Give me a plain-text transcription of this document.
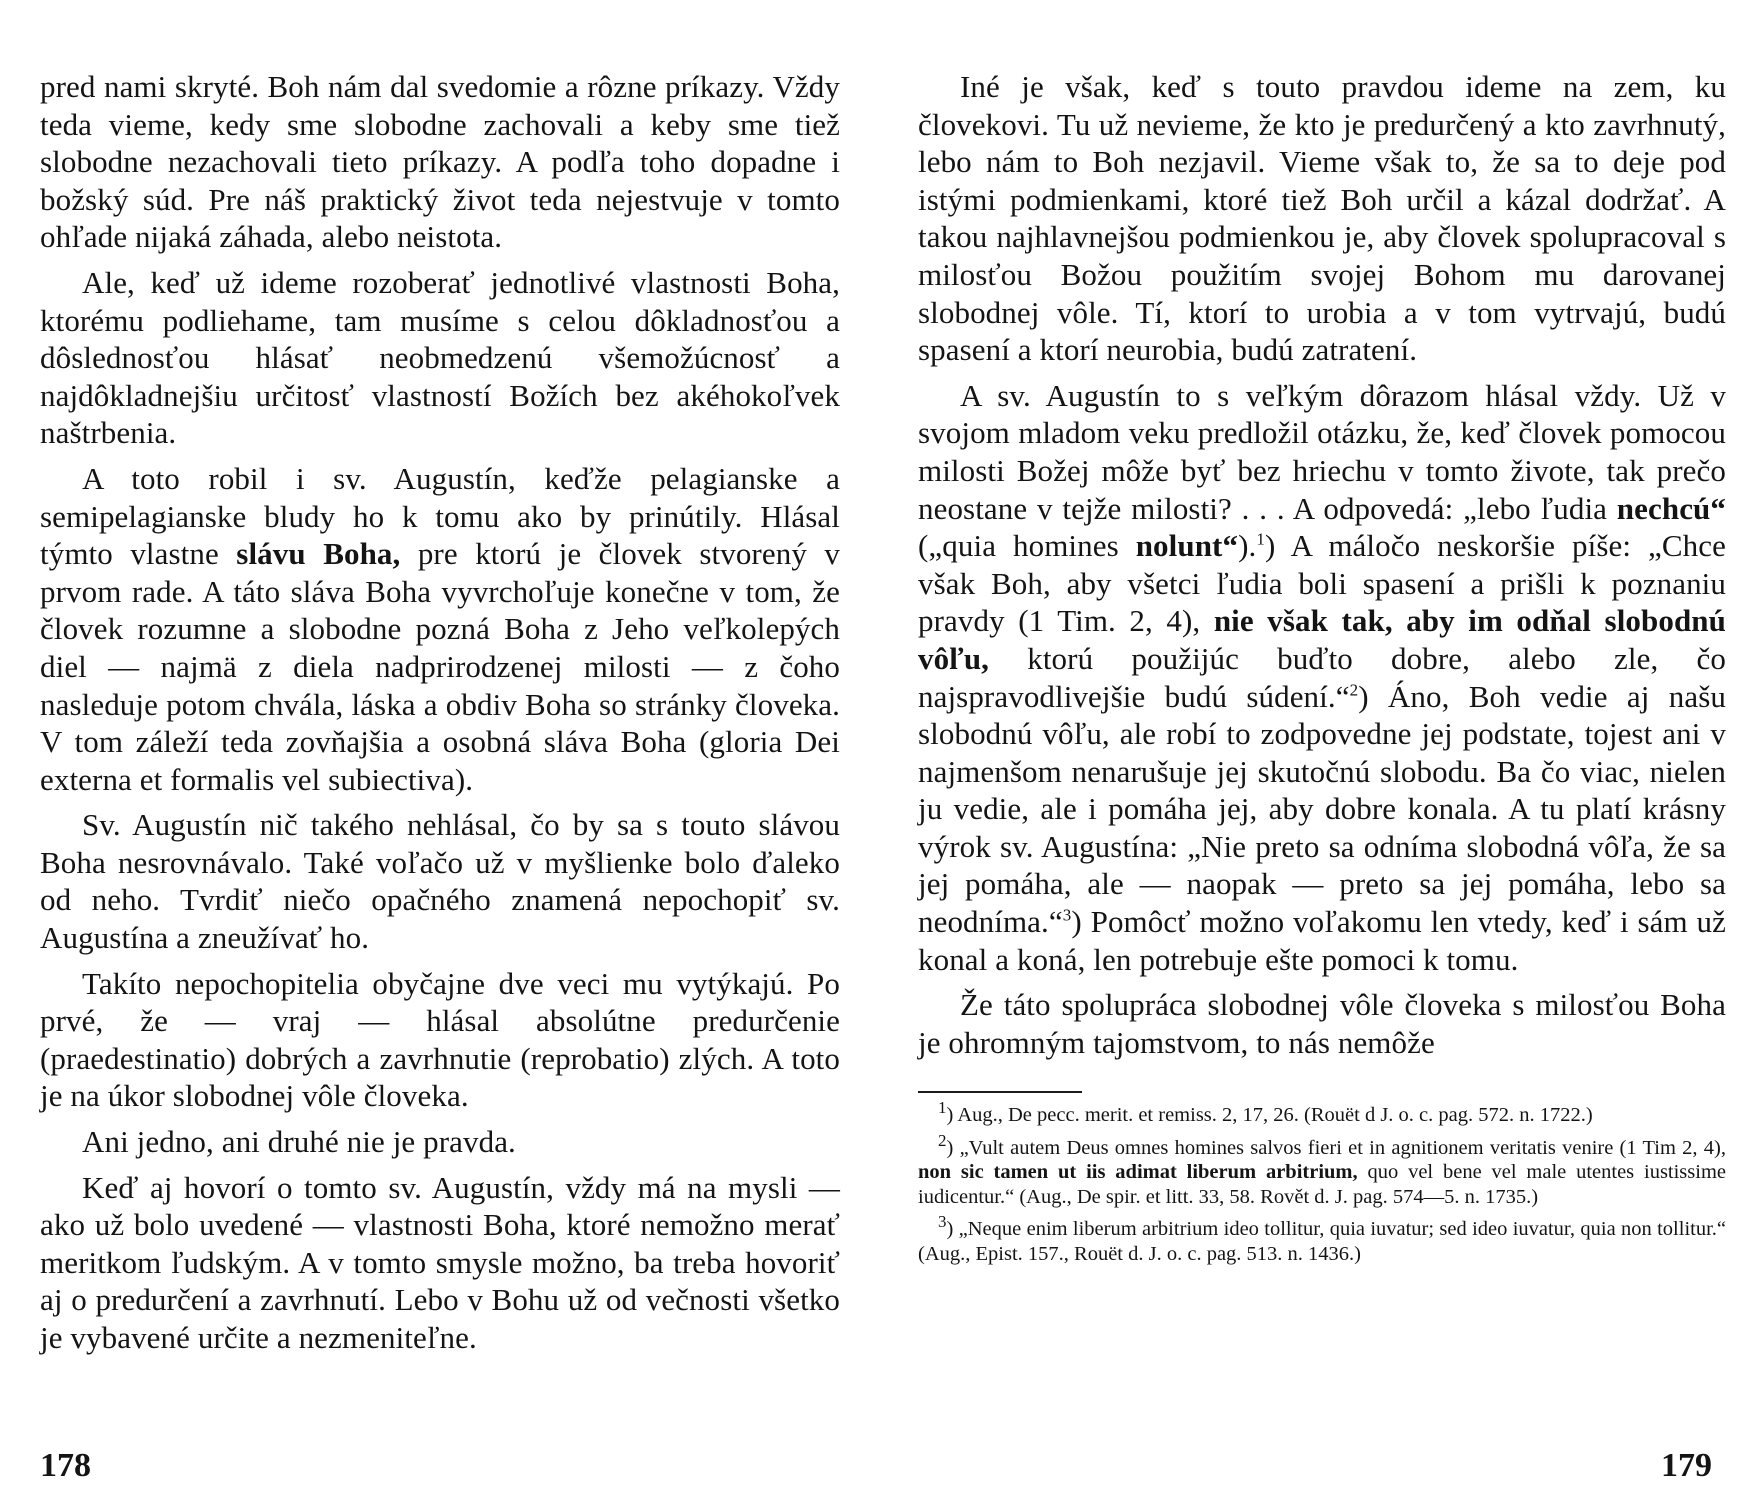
pred nami skryté. Boh nám dal svedomie a rôzne príkazy. Vždy teda vieme, kedy sme slobodne zachovali a keby sme tiež slobodne nezachovali tieto príkazy. A podľa toho dopadne i božský súd. Pre náš praktický život teda nejestvuje v tomto ohľade nijaká záhada, alebo neistota.

Ale, keď už ideme rozoberať jednotlivé vlastnosti Boha, ktorému podliehame, tam musíme s celou dôkladnosťou a dôslednosťou hlásať neobmedzenú všemožúcnosť a najdôkladnejšiu určitosť vlastností Božích bez akéhokoľvek naštrbenia.

A toto robil i sv. Augustín, keďže pelagianske a semipelagianske bludy ho k tomu ako by prinútily. Hlásal týmto vlastne slávu Boha, pre ktorú je človek stvorený v prvom rade. A táto sláva Boha vyvrchoľuje konečne v tom, že človek rozumne a slobodne pozná Boha z Jeho veľkolepých diel — najmä z diela nadprirodzenej milosti — z čoho nasleduje potom chvála, láska a obdiv Boha so stránky človeka. V tom záleží teda zovňajšia a osobná sláva Boha (gloria Dei externa et formalis vel subiectiva).

Sv. Augustín nič takého nehlásal, čo by sa s touto slávou Boha nesrovnávalo. Také voľačo už v myšlienke bolo ďaleko od neho. Tvrdiť niečo opačného znamená nepochopiť sv. Augustína a zneužívať ho.

Takíto nepochopitelia obyčajne dve veci mu vytýkajú. Po prvé, že — vraj — hlásal absolútne predurčenie (praedestinatio) dobrých a zavrhnutie (reprobatio) zlých. A toto je na úkor slobodnej vôle človeka.

Ani jedno, ani druhé nie je pravda.

Keď aj hovorí o tomto sv. Augustín, vždy má na mysli — ako už bolo uvedené — vlastnosti Boha, ktoré nemožno merať meritkom ľudským. A v tomto smysle možno, ba treba hovoriť aj o predurčení a zavrhnutí. Lebo v Bohu už od večnosti všetko je vybavené určite a nezmeniteľne.

Iné je však, keď s touto pravdou ideme na zem, ku človekovi. Tu už nevieme, že kto je predurčený a kto zavrhnutý, lebo nám to Boh nezjavil. Vieme však to, že sa to deje pod istými podmienkami, ktoré tiež Boh určil a kázal dodržať. A takou najhlavnejšou podmienkou je, aby človek spolupracoval s milosťou Božou použitím svojej Bohom mu darovanej slobodnej vôle. Tí, ktorí to urobia a v tom vytrvajú, budú spasení a ktorí neurobia, budú zatratení.

A sv. Augustín to s veľkým dôrazom hlásal vždy. Už v svojom mladom veku predložil otázku, že, keď človek pomocou milosti Božej môže byť bez hriechu v tomto živote, tak prečo neostane v tejže milosti? . . . A odpovedá: „lebo ľudia nechcú“ („quia homines nolunt“).$^1$) A máločo neskoršie píše: „Chce však Boh, aby všetci ľudia boli spasení a prišli k poznaniu pravdy (1 Tim. 2, 4), nie však tak, aby im odňal slobodnú vôľu, ktorú použijúc buďto dobre, alebo zle, čo najspravodlivejšie budú súdení.“$^2$) Áno, Boh vedie aj našu slobodnú vôľu, ale robí to zodpovedne jej podstate, tojest ani v najmenšom nenarušuje jej skutočnú slobodu. Ba čo viac, nielen ju vedie, ale i pomáha jej, aby dobre konala. A tu platí krásny výrok sv. Augustína: „Nie preto sa odníma slobodná vôľa, že sa jej pomáha, ale — naopak — preto sa jej pomáha, lebo sa neodníma.“$^3$) Pomôcť možno voľakomu len vtedy, keď i sám už konal a koná, len potrebuje ešte pomoci k tomu.

Že táto spolupráca slobodnej vôle človeka s milosťou Boha je ohromným tajomstvom, to nás nemôže

$^1$) Aug., De pecc. merit. et remiss. 2, 17, 26. (Rouët d J. o. c. pag. 572. n. 1722.)

$^2$) „Vult autem Deus omnes homines salvos fieri et in agnitionem veritatis venire (1 Tim 2, 4), non sic tamen ut iis adimat liberum arbitrium, quo vel bene vel male utentes iustissime iudicentur.“ (Aug., De spir. et litt. 33, 58. Rovět d. J. pag. 574—5. n. 1735.)

$^3$) „Neque enim liberum arbitrium ideo tollitur, quia iuvatur; sed ideo iuvatur, quia non tollitur.“ (Aug., Epist. 157., Rouët d. J. o. c. pag. 513. n. 1436.)

178	179
